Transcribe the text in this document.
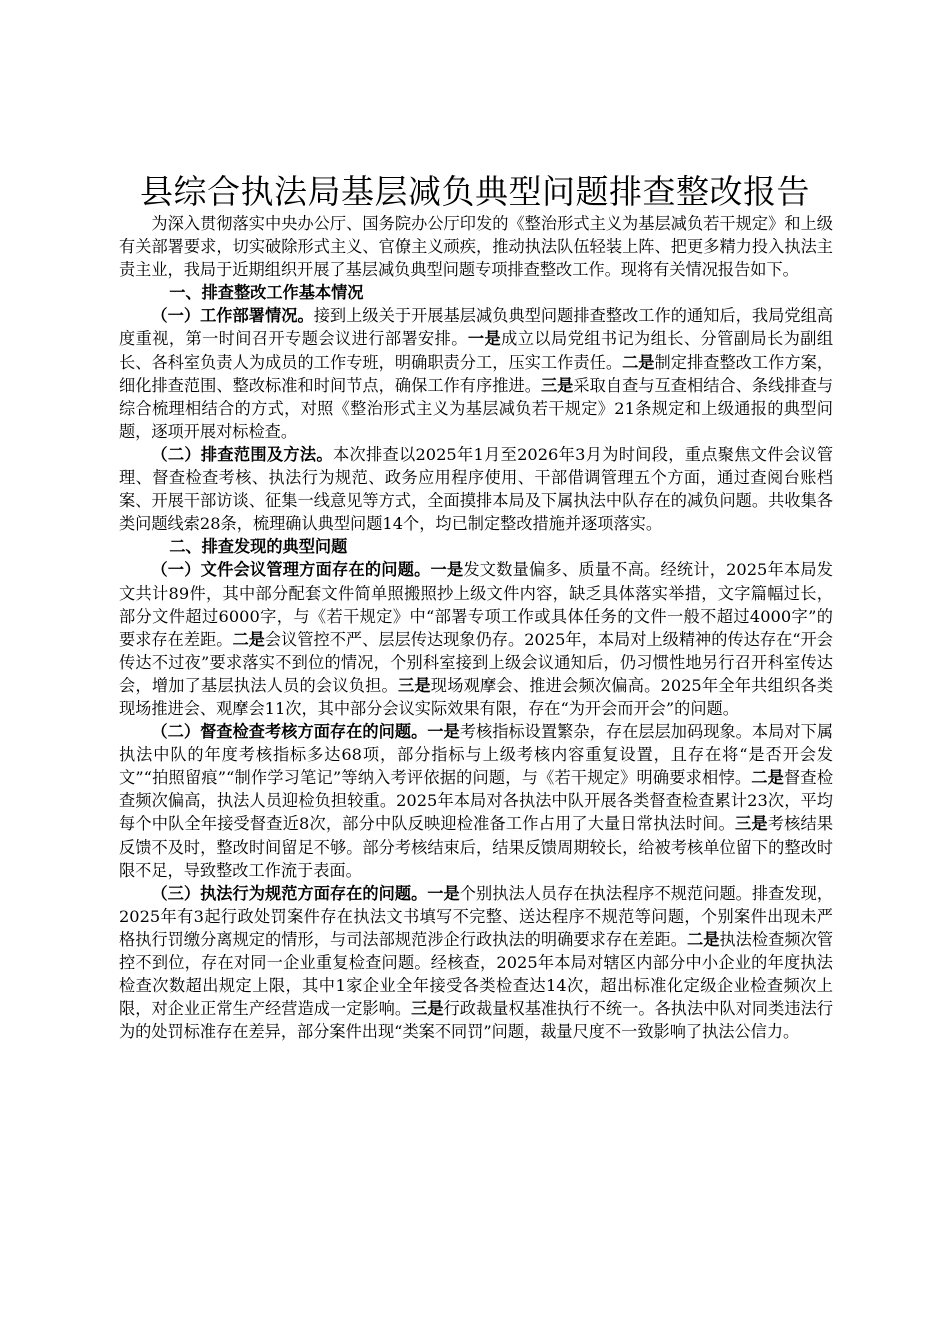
县综合执法局基层减负典型问题排查整改报告

为深入贯彻落实中央办公厅、国务院办公厅印发的《整治形式主义为基层减负若干规定》和上级有关部署要求，切实破除形式主义、官僚主义顽疾，推动执法队伍轻装上阵、把更多精力投入执法主责主业，我局于近期组织开展了基层减负典型问题专项排查整改工作。现将有关情况报告如下。

一、排查整改工作基本情况

（一）工作部署情况。接到上级关于开展基层减负典型问题排查整改工作的通知后，我局党组高度重视，第一时间召开专题会议进行部署安排。一是成立以局党组书记为组长、分管副局长为副组长、各科室负责人为成员的工作专班，明确职责分工，压实工作责任。二是制定排查整改工作方案，细化排查范围、整改标准和时间节点，确保工作有序推进。三是采取自查与互查相结合、条线排查与综合梳理相结合的方式，对照《整治形式主义为基层减负若干规定》21条规定和上级通报的典型问题，逐项开展对标检查。

（二）排查范围及方法。本次排查以2025年1月至2026年3月为时间段，重点聚焦文件会议管理、督查检查考核、执法行为规范、政务应用程序使用、干部借调管理五个方面，通过查阅台账档案、开展干部访谈、征集一线意见等方式，全面摸排本局及下属执法中队存在的减负问题。共收集各类问题线索28条，梳理确认典型问题14个，均已制定整改措施并逐项落实。

二、排查发现的典型问题

（一）文件会议管理方面存在的问题。一是发文数量偏多、质量不高。经统计，2025年本局发文共计89件，其中部分配套文件简单照搬照抄上级文件内容，缺乏具体落实举措，文字篇幅过长，部分文件超过6000字，与《若干规定》中“部署专项工作或具体任务的文件一般不超过4000字”的要求存在差距。二是会议管控不严、层层传达现象仍存。2025年，本局对上级精神的传达存在“开会传达不过夜”要求落实不到位的情况，个别科室接到上级会议通知后，仍习惯性地另行召开科室传达会，增加了基层执法人员的会议负担。三是现场观摩会、推进会频次偏高。2025年全年共组织各类现场推进会、观摩会11次，其中部分会议实际效果有限，存在“为开会而开会”的问题。

（二）督查检查考核方面存在的问题。一是考核指标设置繁杂，存在层层加码现象。本局对下属执法中队的年度考核指标多达68项，部分指标与上级考核内容重复设置，且存在将“是否开会发文”“拍照留痕”“制作学习笔记”等纳入考评依据的问题，与《若干规定》明确要求相悖。二是督查检查频次偏高，执法人员迎检负担较重。2025年本局对各执法中队开展各类督查检查累计23次，平均每个中队全年接受督查近8次，部分中队反映迎检准备工作占用了大量日常执法时间。三是考核结果反馈不及时，整改时间留足不够。部分考核结束后，结果反馈周期较长，给被考核单位留下的整改时限不足，导致整改工作流于表面。

（三）执法行为规范方面存在的问题。一是个别执法人员存在执法程序不规范问题。排查发现，2025年有3起行政处罚案件存在执法文书填写不完整、送达程序不规范等问题，个别案件出现未严格执行罚缴分离规定的情形，与司法部规范涉企行政执法的明确要求存在差距。二是执法检查频次管控不到位，存在对同一企业重复检查问题。经核查，2025年本局对辖区内部分中小企业的年度执法检查次数超出规定上限，其中1家企业全年接受各类检查达14次，超出标准化定级企业检查频次上限，对企业正常生产经营造成一定影响。三是行政裁量权基准执行不统一。各执法中队对同类违法行为的处罚标准存在差异，部分案件出现“类案不同罚”问题，裁量尺度不一致影响了执法公信力。
